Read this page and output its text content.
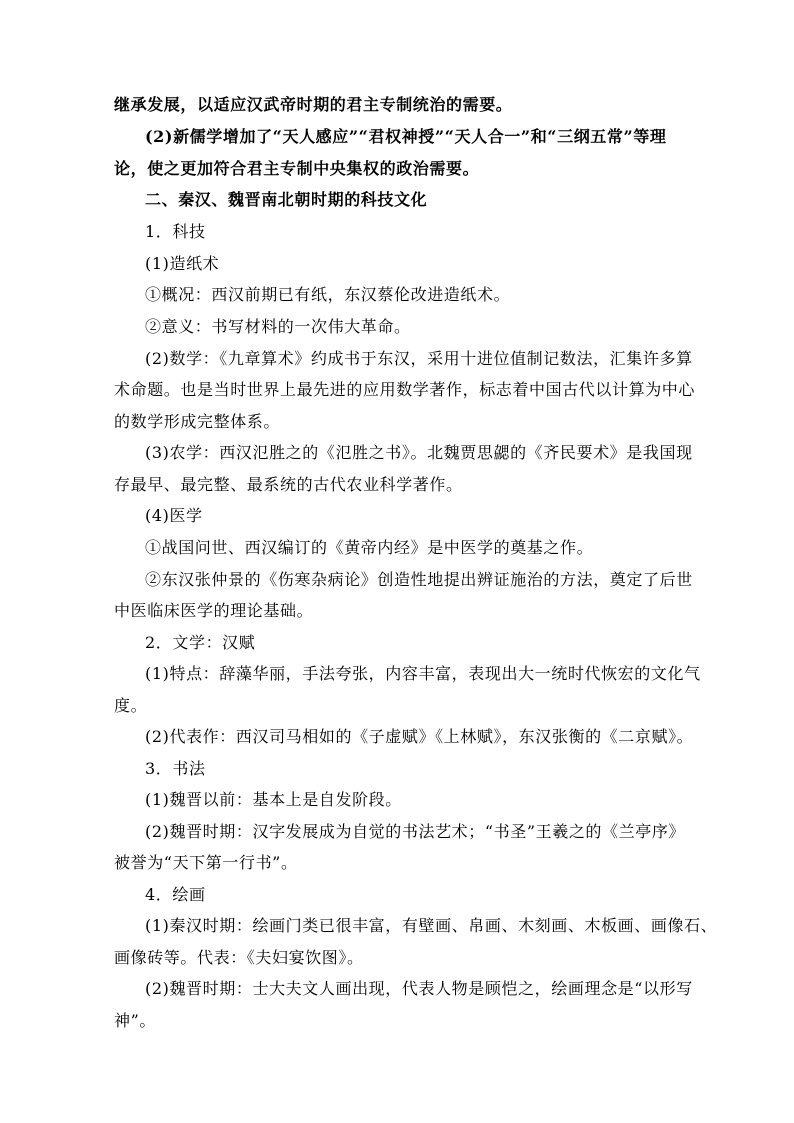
继承发展，以适应汉武帝时期的君主专制统治的需要。
(2)新儒学增加了“天人感应”“君权神授”“天人合一”和“三纲五常”等理
论，使之更加符合君主专制中央集权的政治需要。
二、秦汉、魏晋南北朝时期的科技文化
1．科技
(1)造纸术
①概况：西汉前期已有纸，东汉蔡伦改进造纸术。
②意义：书写材料的一次伟大革命。
(2)数学：《九章算术》约成书于东汉，采用十进位值制记数法，汇集许多算
术命题。也是当时世界上最先进的应用数学著作，标志着中国古代以计算为中心
的数学形成完整体系。
(3)农学：西汉氾胜之的《氾胜之书》。北魏贾思勰的《齐民要术》是我国现
存最早、最完整、最系统的古代农业科学著作。
(4)医学
①战国问世、西汉编订的《黄帝内经》是中医学的奠基之作。
②东汉张仲景的《伤寒杂病论》创造性地提出辨证施治的方法，奠定了后世
中医临床医学的理论基础。
2．文学：汉赋
(1)特点：辞藻华丽，手法夸张，内容丰富，表现出大一统时代恢宏的文化气
度。
(2)代表作：西汉司马相如的《子虚赋》《上林赋》，东汉张衡的《二京赋》。
3．书法
(1)魏晋以前：基本上是自发阶段。
(2)魏晋时期：汉字发展成为自觉的书法艺术；“书圣”王羲之的《兰亭序》
被誉为“天下第一行书”。
4．绘画
(1)秦汉时期：绘画门类已很丰富，有壁画、帛画、木刻画、木板画、画像石、
画像砖等。代表：《夫妇宴饮图》。
(2)魏晋时期：士大夫文人画出现，代表人物是顾恺之，绘画理念是“以形写
神”。
